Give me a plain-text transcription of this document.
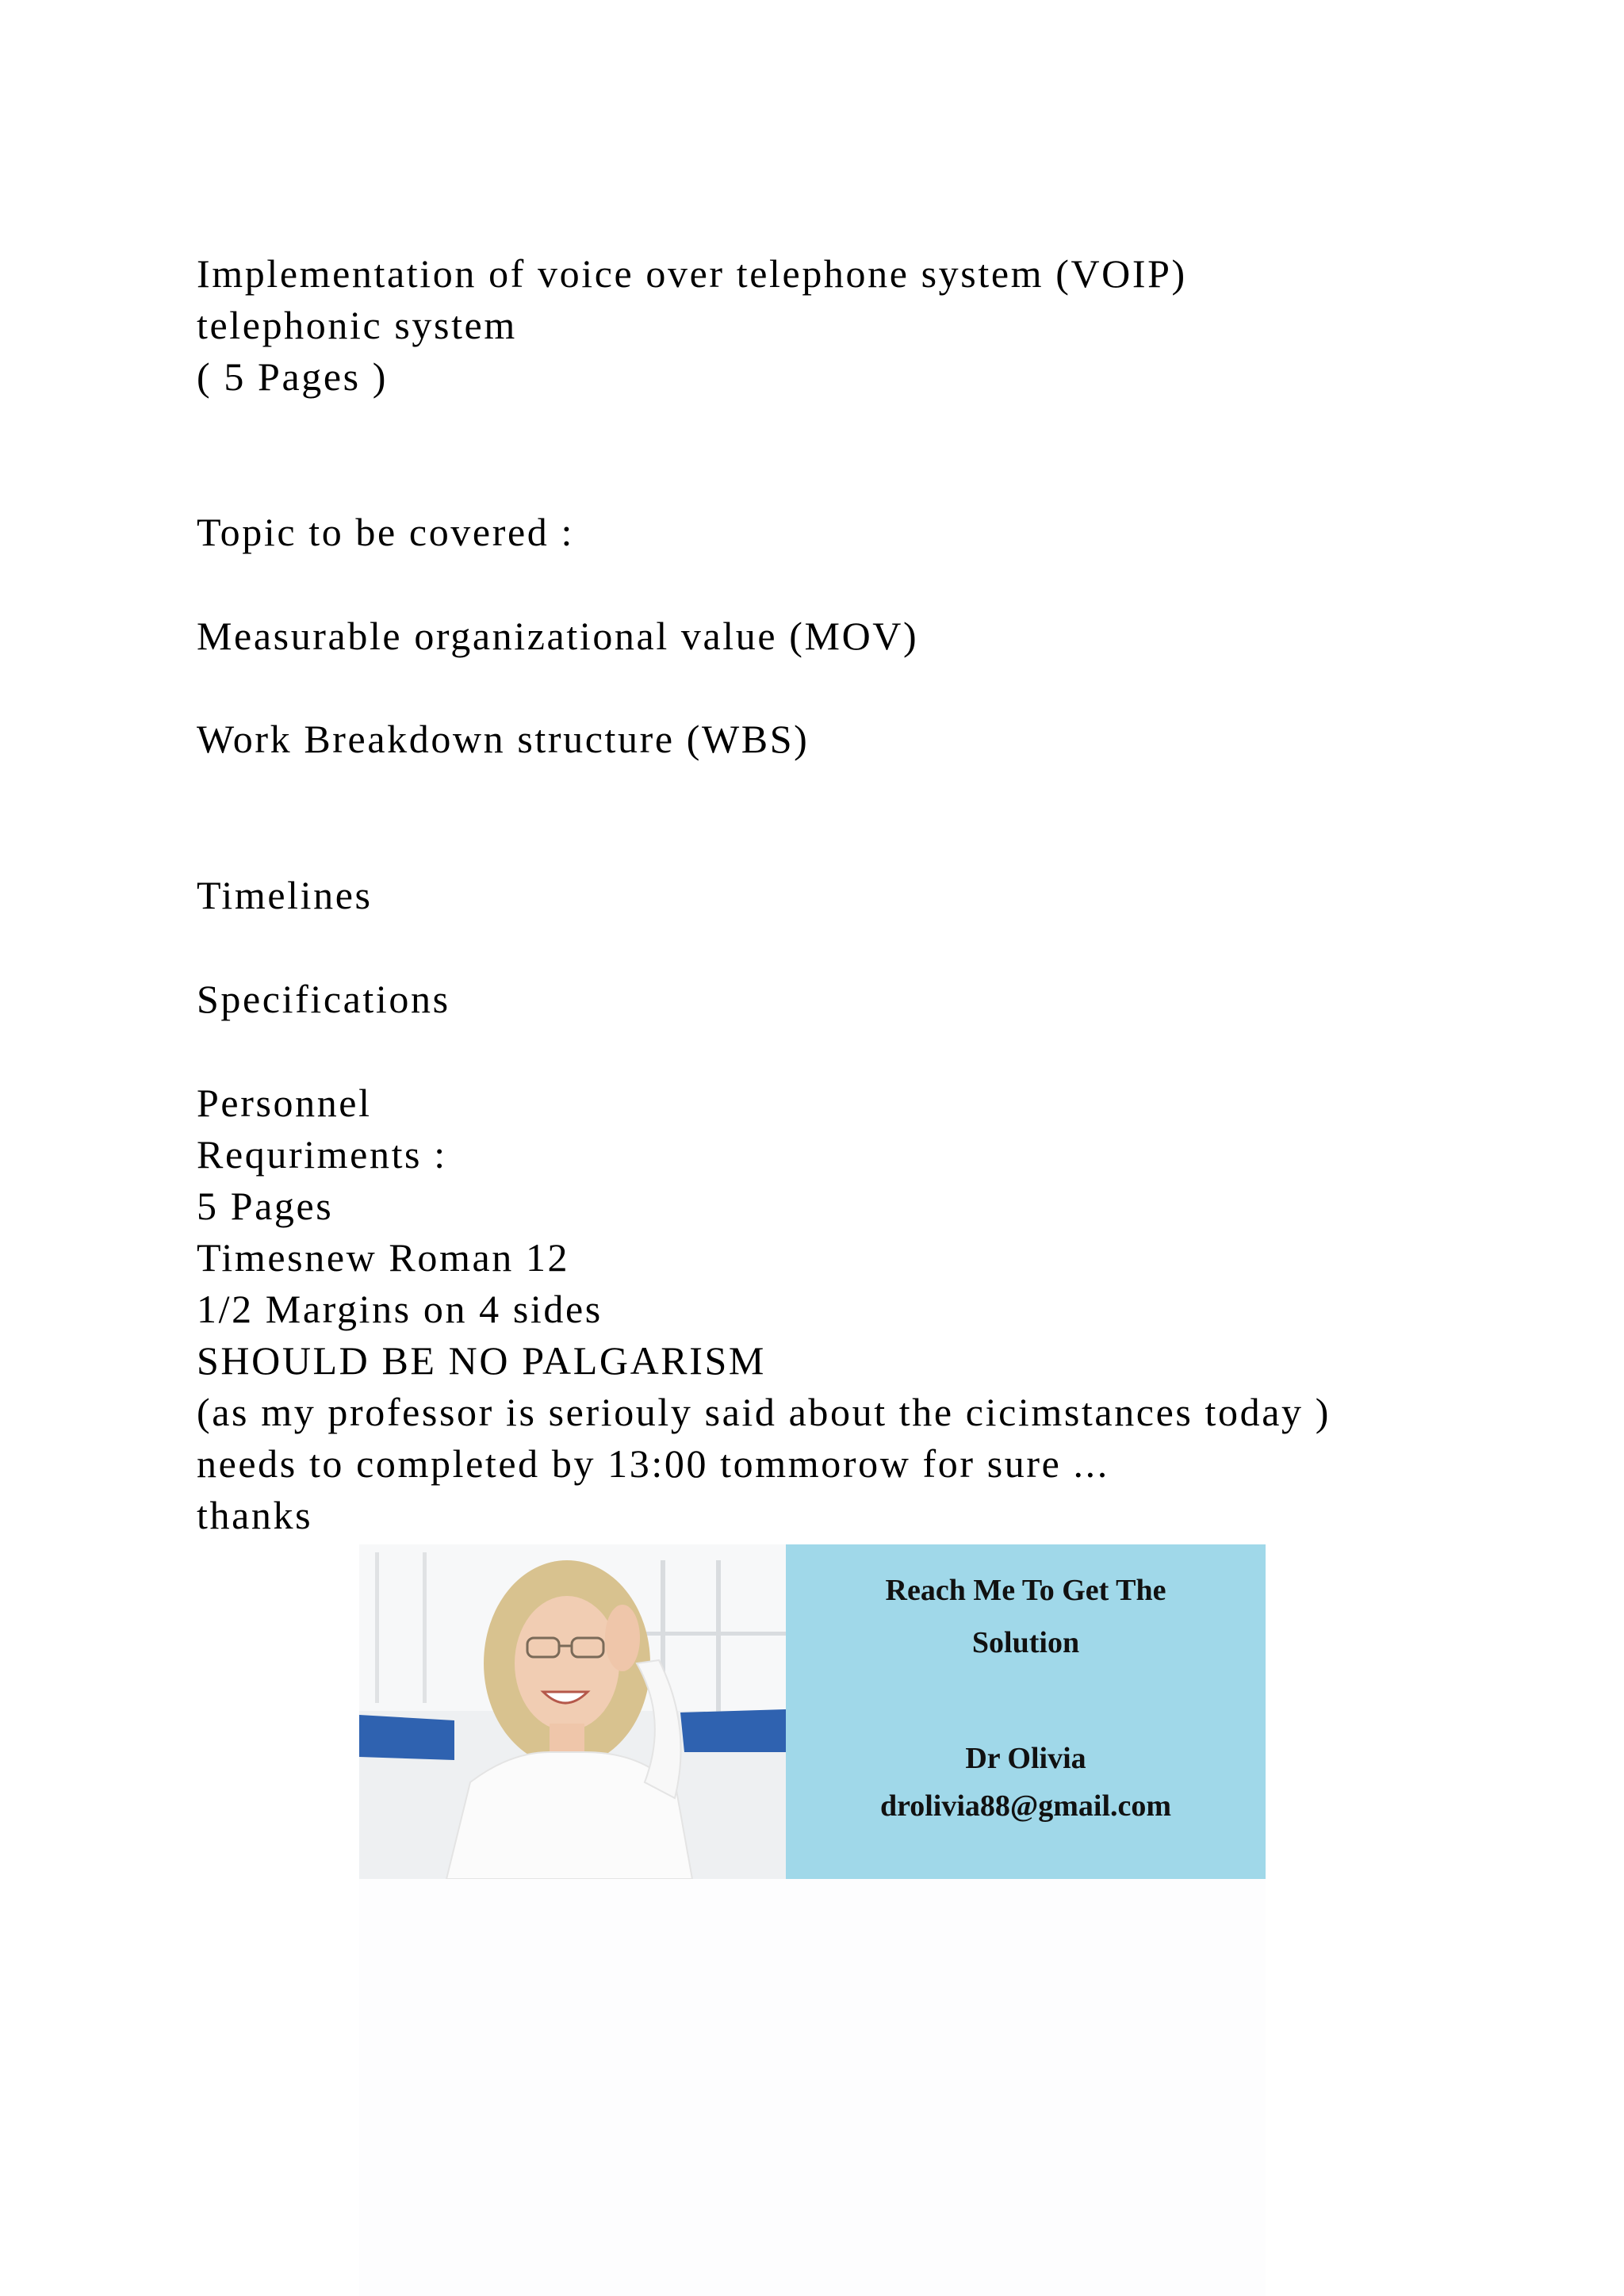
Implementation of voice over telephone system (VOIP)
telephonic system
( 5 Pages )
Topic to be covered :
Measurable organizational value (MOV)
Work Breakdown structure (WBS)
Timelines
Specifications
Personnel
Requriments :
5 Pages
Timesnew Roman 12
1/2 Margins on 4 sides
SHOULD BE NO PALGARISM
(as my professor is seriouly said about the cicimstances today )
needs to completed by 13:00 tommorow for sure ...
thanks
Reach Me To Get The
Solution
Dr Olivia
drolivia88@gmail.com
